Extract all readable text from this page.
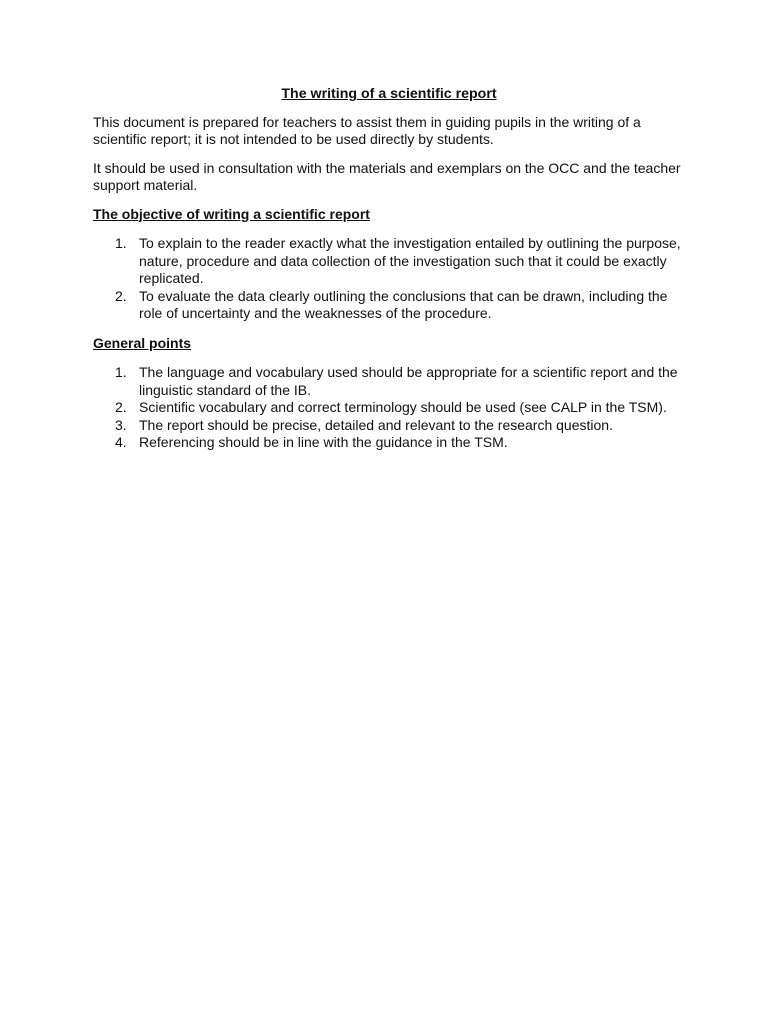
The writing of a scientific report

This document is prepared for teachers to assist them in guiding pupils in the writing of a scientific report; it is not intended to be used directly by students.

It should be used in consultation with the materials and exemplars on the OCC and the teacher support material.

The objective of writing a scientific report
1. To explain to the reader exactly what the investigation entailed by outlining the purpose, nature, procedure and data collection of the investigation such that it could be exactly replicated.
2. To evaluate the data clearly outlining the conclusions that can be drawn, including the role of uncertainty and the weaknesses of the procedure.
General points
1. The language and vocabulary used should be appropriate for a scientific report and the linguistic standard of the IB.
2. Scientific vocabulary and correct terminology should be used (see CALP in the TSM).
3. The report should be precise, detailed and relevant to the research question.
4. Referencing should be in line with the guidance in the TSM.
